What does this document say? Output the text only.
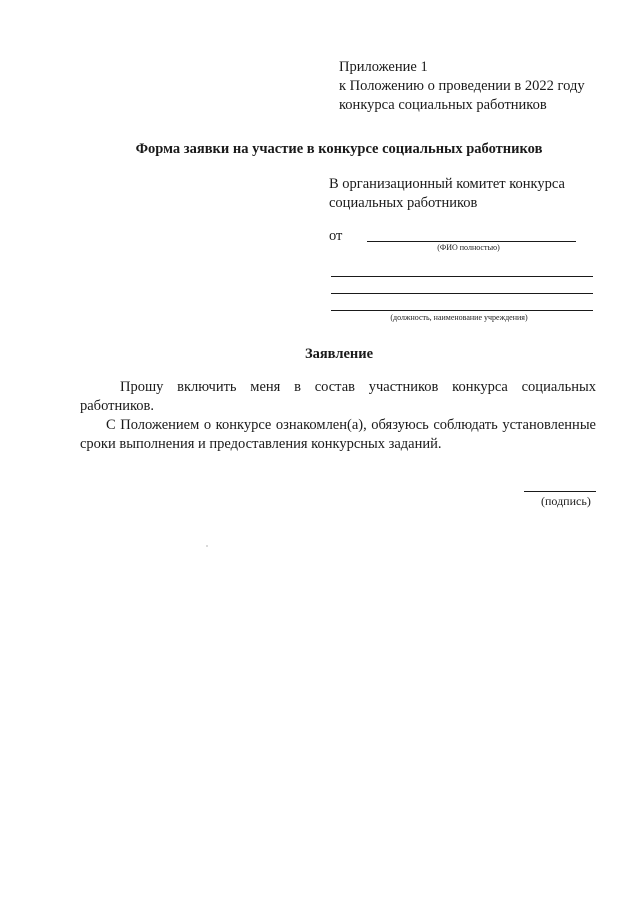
Приложение 1
к Положению о проведении в 2022 году
конкурса социальных работников
Форма заявки на участие в конкурсе социальных работников
В организационный комитет конкурса
социальных работников
от
(ФИО полностью)
(должность, наименование учреждения)
Заявление

Прошу включить меня в состав участников конкурса социальных работников.

С Положением о конкурсе ознакомлен(а), обязуюсь соблюдать установленные сроки выполнения и предоставления конкурсных заданий.

(подпись)
